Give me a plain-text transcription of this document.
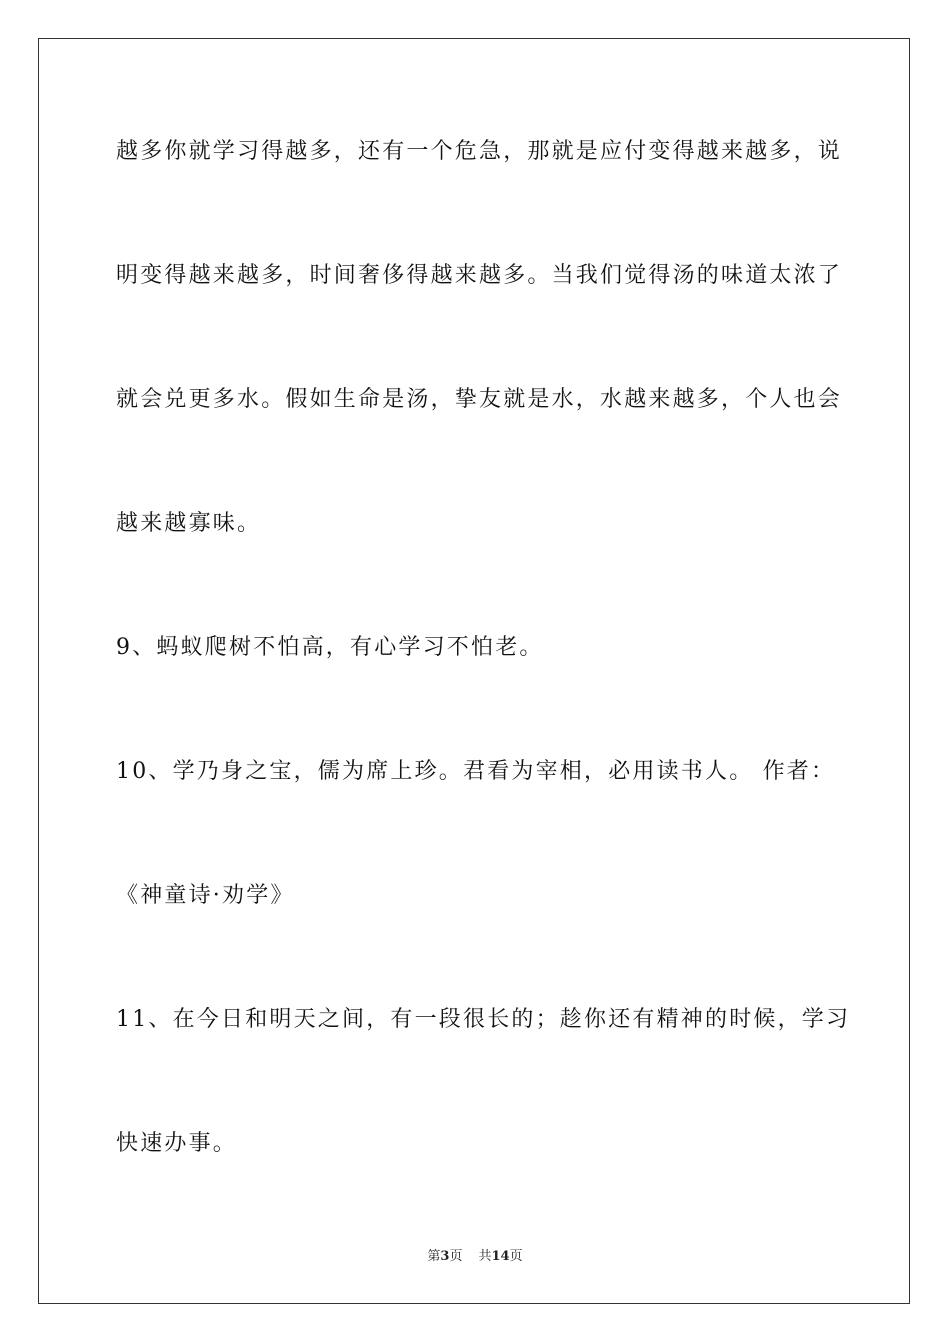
越多你就学习得越多，还有一个危急，那就是应付变得越来越多，说
明变得越来越多，时间奢侈得越来越多。当我们觉得汤的味道太浓了
就会兑更多水。假如生命是汤，挚友就是水，水越来越多，个人也会
越来越寡味。
9、蚂蚁爬树不怕高，有心学习不怕老。
10、学乃身之宝，儒为席上珍。君看为宰相，必用读书人。 作者：
《神童诗·劝学》
11、在今日和明天之间，有一段很长的；趁你还有精神的时候，学习
快速办事。
第3页 共14页
